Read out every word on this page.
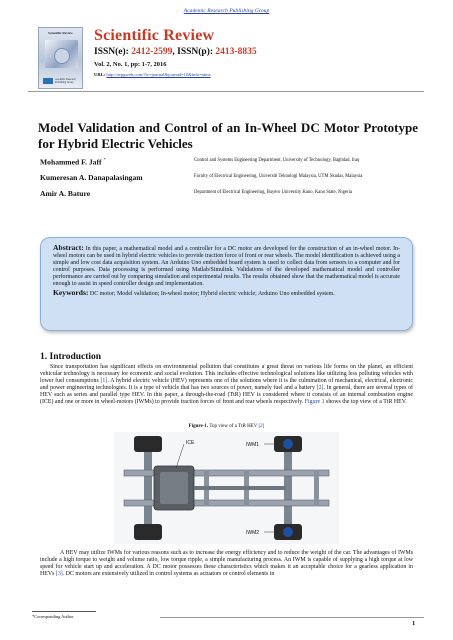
Academic Research Publishing Group
Scientific Review
Academic Research Publishing Group
Scientific Review
ISSN(e): 2412-2599, ISSN(p): 2413-8835
Vol. 2, No. 1, pp: 1-7, 2016
URL: http://arpgweb.com/?ic=journal&journal=10&info=aims
Model Validation and Control of an In-Wheel DC Motor Prototype for Hybrid Electric Vehicles
Mohammed F. Jaff *	Control and Systems Engineering Department, University of Technology, Baghdad, Iraq
Kumeresan A. Danapalasingam	Faculty of Electrical Engineering, Universiti Teknologi Malaysia, UTM Skudai, Malaysia
Amir A. Bature	Department of Electrical Engineering, Bayero University Kano, Kano State, Nigeria

Abstract: In this paper, a mathematical model and a controller for a DC motor are developed for the construction of an in-wheel motor. In-wheel motors can be used in hybrid electric vehicles to provide traction force of front or rear wheels. The model identification is achieved using a simple and low cost data acquisition system. An Arduino Uno embedded board system is used to collect data from sensors to a computer and for control purposes. Data processing is performed using Matlab/Simulink. Validations of the developed mathematical model and controller performance are carried out by comparing simulation and experimental results. The results obtained show that the mathematical model is accurate enough to assist in speed controller design and implementation.

Keywords: DC motor; Model validation; In-wheel motor; Hybrid electric vehicle; Arduino Uno embedded system.

1. Introduction

Since transportation has significant effects on environmental pollution that constitutes a great threat on various life forms on the planet, an efficient vehicular technology is necessary for economic and social evolution. This includes effective technological solutions like utilizing less polluting vehicles with lower fuel consumptions [1]. A hybrid electric vehicle (HEV) represents one of the solutions where it is the culmination of mechanical, electrical, electronic and power engineering technologies. It is a type of vehicle that has two sources of power, namely fuel and a battery [2]. In general, there are several types of HEV such as series and parallel type HEV. In this paper, a through-the-road (TtR) HEV is considered where it consists of an internal combustion engine (ICE) and one or more in wheel-motors (IWMs) to provide traction forces of front and rear wheels respectively. Figure 1 shows the top view of a TtR HEV.

Figure-1. Top view of a TtR HEV [2]
ICE	IWM1
IWM2

A HEV may utilize IWMs for various reasons such as to increase the energy efficiency and to reduce the weight of the car. The advantages of IWMs include a high torque to weight and volume ratio, low torque ripple, a simple manufacturing process. An IWM is capable of supplying a high torque at low speed for vehicle start up and acceleration. A DC motor possesses these characteristics which makes it an acceptable choice for a gearless application in HEVs [3]. DC motors are extensively utilized in control systems as actuators or control elements in

*Corresponding Author
1
